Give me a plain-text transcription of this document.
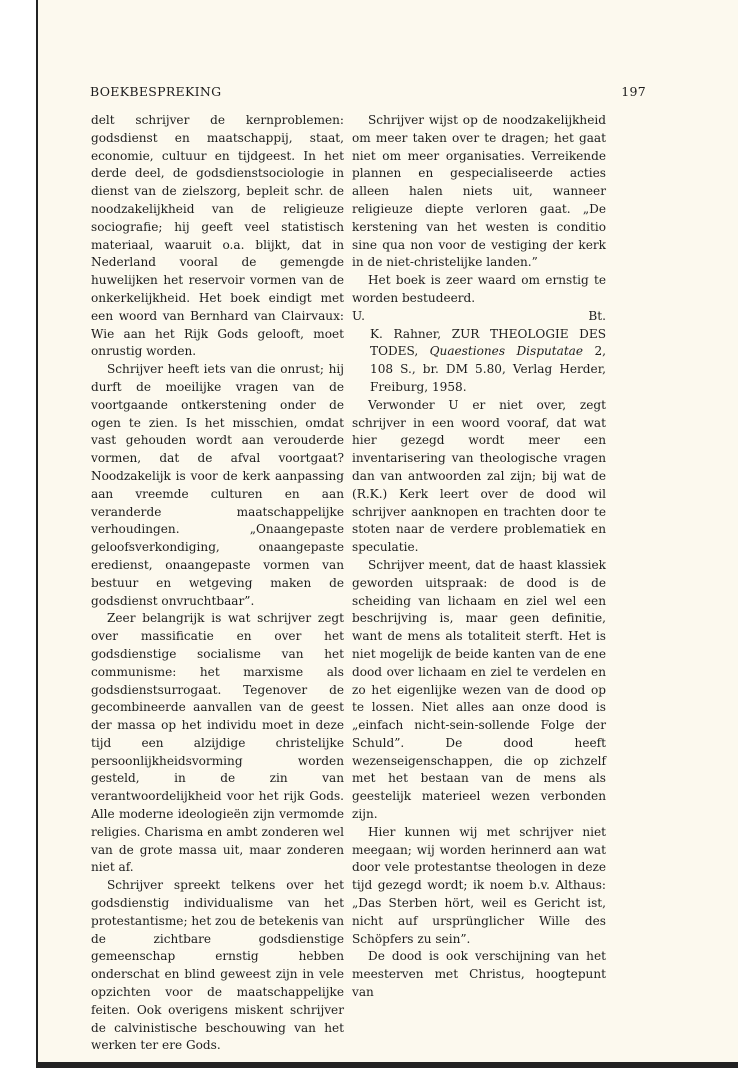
BOEKBESPREKING	197

delt schrijver de kernproblemen: godsdienst en maatschappij, staat, economie, cultuur en tijdgeest. In het derde deel, de godsdienstsociologie in dienst van de zielszorg, bepleit schr. de noodzakelijkheid van de religieuze sociografie; hij geeft veel statistisch materiaal, waaruit o.a. blijkt, dat in Nederland vooral de gemengde huwelijken het reservoir vormen van de onkerkelijkheid. Het boek eindigt met een woord van Bernhard van Clairvaux: Wie aan het Rijk Gods gelooft, moet onrustig worden.

Schrijver heeft iets van die onrust; hij durft de moeilijke vragen van de voortgaande ontkerstening onder de ogen te zien. Is het misschien, omdat vast gehouden wordt aan verouderde vormen, dat de afval voortgaat? Noodzakelijk is voor de kerk aanpassing aan vreemde culturen en aan veranderde maatschappelijke verhoudingen. „Onaangepaste geloofsverkondiging, onaangepaste eredienst, onaangepaste vormen van bestuur en wetgeving maken de godsdienst onvruchtbaar”.

Zeer belangrijk is wat schrijver zegt over massificatie en over het godsdienstige socialisme van het communisme: het marxisme als godsdienstsurrogaat. Tegenover de gecombineerde aanvallen van de geest der massa op het individu moet in deze tijd een alzijdige christelijke persoonlijkheidsvorming worden gesteld, in de zin van verantwoordelijkheid voor het rijk Gods. Alle moderne ideologieën zijn vermomde religies. Charisma en ambt zonderen wel van de grote massa uit, maar zonderen niet af.

Schrijver spreekt telkens over het godsdienstig individualisme van het protestantisme; het zou de betekenis van de zichtbare godsdienstige gemeenschap ernstig hebben onderschat en blind geweest zijn in vele opzichten voor de maatschappelijke feiten. Ook overigens miskent schrijver de calvinistische beschouwing van het werken ter ere Gods.

Schrijver wijst op de noodzakelijkheid om meer taken over te dragen; het gaat niet om meer organisaties. Verreikende plannen en gespecialiseerde acties alleen halen niets uit, wanneer religieuze diepte verloren gaat. „De kerstening van het westen is conditio sine qua non voor de vestiging der kerk in de niet-christelijke landen.”

Het boek is zeer waard om ernstig te worden bestudeerd.

U.	Bt.

K. Rahner, ZUR THEOLOGIE DES TODES, Quaestiones Disputatae 2, 108 S., br. DM 5.80, Verlag Herder, Freiburg, 1958.

Verwonder U er niet over, zegt schrijver in een woord vooraf, dat wat hier gezegd wordt meer een inventarisering van theologische vragen dan van antwoorden zal zijn; bij wat de (R.K.) Kerk leert over de dood wil schrijver aanknopen en trachten door te stoten naar de verdere problematiek en speculatie.

Schrijver meent, dat de haast klassiek geworden uitspraak: de dood is de scheiding van lichaam en ziel wel een beschrijving is, maar geen definitie, want de mens als totaliteit sterft. Het is niet mogelijk de beide kanten van de ene dood over lichaam en ziel te verdelen en zo het eigenlijke wezen van de dood op te lossen. Niet alles aan onze dood is „einfach nicht-sein-sollende Folge der Schuld”. De dood heeft wezenseigenschappen, die op zichzelf met het bestaan van de mens als geestelijk materieel wezen verbonden zijn.

Hier kunnen wij met schrijver niet meegaan; wij worden herinnerd aan wat door vele protestantse theologen in deze tijd gezegd wordt; ik noem b.v. Althaus: „Das Sterben hört, weil es Gericht ist, nicht auf ursprünglicher Wille des Schöpfers zu sein”.

De dood is ook verschijning van het meesterven met Christus, hoogtepunt van
